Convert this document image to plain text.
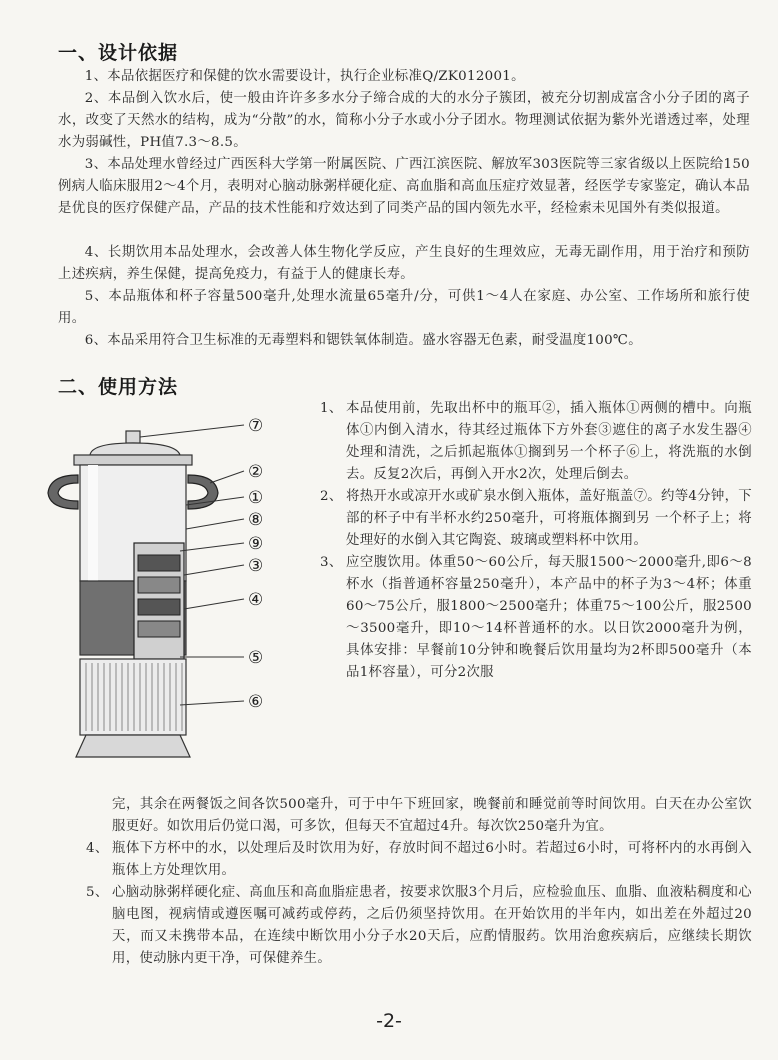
一、设计依据

1、本品依据医疗和保健的饮水需要设计，执行企业标准Q/ZK012001。

2、本品倒入饮水后，使一般由许许多多水分子缔合成的大的水分子簇团，被充分切割成富含小分子团的离子水，改变了天然水的结构，成为“分散”的水，简称小分子水或小分子团水。物理测试依据为紫外光谱透过率，处理水为弱碱性，PH值7.3～8.5。

3、本品处理水曾经过广西医科大学第一附属医院、广西江滨医院、解放军303医院等三家省级以上医院给150例病人临床服用2～4个月，表明对心脑动脉粥样硬化症、高血脂和高血压症疗效显著，经医学专家鉴定，确认本品是优良的医疗保健产品，产品的技术性能和疗效达到了同类产品的国内领先水平，经检索未见国外有类似报道。

4、长期饮用本品处理水，会改善人体生物化学反应，产生良好的生理效应，无毒无副作用，用于治疗和预防上述疾病，养生保健，提高免疫力，有益于人的健康长寿。

5、本品瓶体和杯子容量500毫升,处理水流量65毫升/分，可供1～4人在家庭、办公室、工作场所和旅行使用。

6、本品采用符合卫生标准的无毒塑料和锶铁氧体制造。盛水容器无色素，耐受温度100℃。

二、使用方法
⑦
②
①
⑧
⑨
③
④
⑤
⑥
1、 本品使用前，先取出杯中的瓶耳②，插入瓶体①两侧的槽中。向瓶体①内倒入清水，待其经过瓶体下方外套③遮住的离子水发生器④处理和清洗，之后抓起瓶体①搁到另一个杯子⑥上，将洗瓶的水倒去。反复2次后，再倒入开水2次，处理后倒去。
2、 将热开水或凉开水或矿泉水倒入瓶体，盖好瓶盖⑦。约等4分钟，下部的杯子中有半杯水约250毫升，可将瓶体搁到另 一个杯子上；将处理好的水倒入其它陶瓷、玻璃或塑料杯中饮用。
3、 应空腹饮用。体重50～60公斤，每天服1500～2000毫升,即6～8杯水（指普通杯容量250毫升），本产品中的杯子为3～4杯；体重60～75公斤，服1800～2500毫升；体重75～100公斤，服2500～3500毫升，即10～14杯普通杯的水。以日饮2000毫升为例，具体安排：早餐前10分钟和晚餐后饮用量均为2杯即500毫升（本品1杯容量），可分2次服
完，其余在两餐饭之间各饮500毫升，可于中午下班回家，晚餐前和睡觉前等时间饮用。白天在办公室饮服更好。如饮用后仍觉口渴，可多饮，但每天不宜超过4升。每次饮250毫升为宜。
4、 瓶体下方杯中的水，以处理后及时饮用为好，存放时间不超过6小时。若超过6小时，可将杯内的水再倒入瓶体上方处理饮用。
5、 心脑动脉粥样硬化症、高血压和高血脂症患者，按要求饮服3个月后，应检验血压、血脂、血液粘稠度和心脑电图，视病情或遵医嘱可减药或停药，之后仍须坚持饮用。在开始饮用的半年内，如出差在外超过20天，而又未携带本品，在连续中断饮用小分子水20天后，应酌情服药。饮用治愈疾病后，应继续长期饮用，使动脉内更干净，可保健养生。
-2-
